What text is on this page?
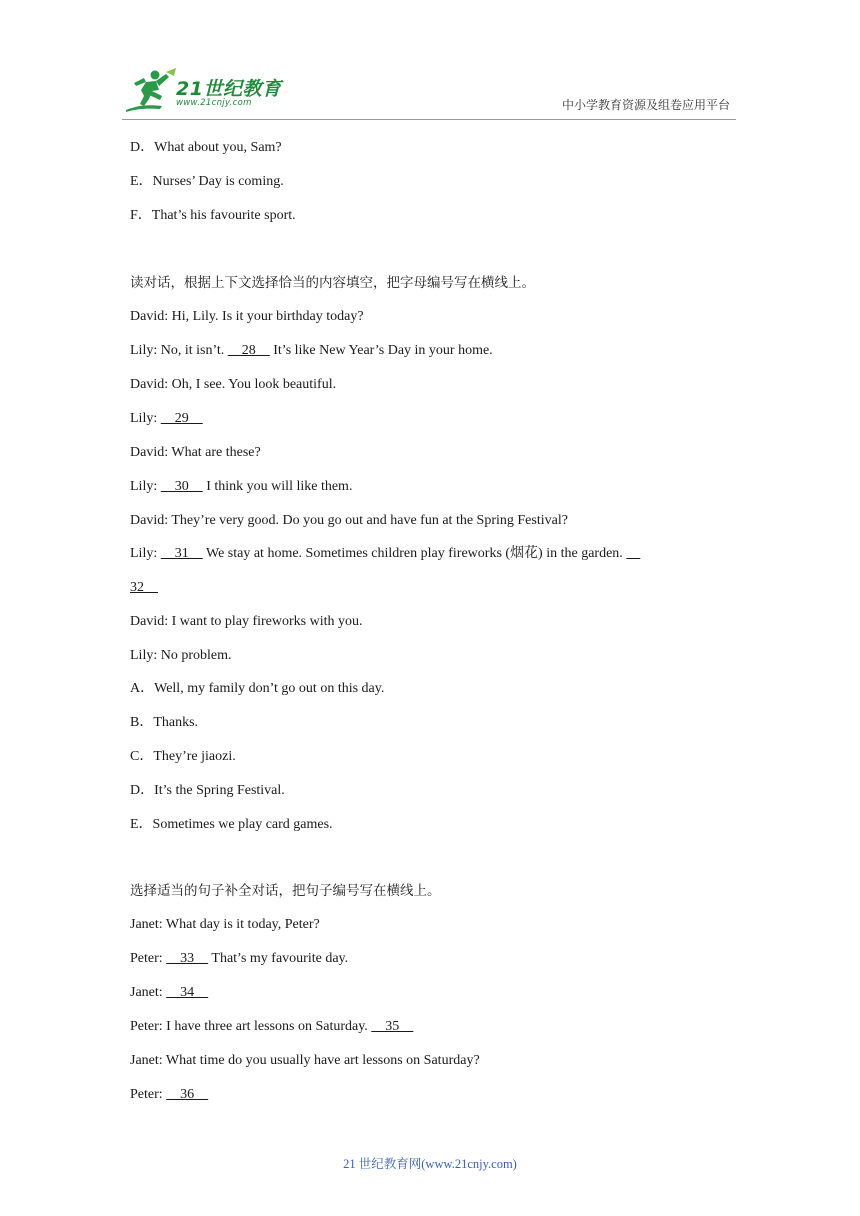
21世纪教育
www.21cnjy.com	中小学教育资源及组卷应用平台
D．What about you, Sam?
E．Nurses’ Day is coming.
F．That’s his favourite sport.
读对话，根据上下文选择恰当的内容填空，把字母编号写在横线上。
David: Hi, Lily. Is it your birthday today?
Lily: No, it isn’t.     28     It’s like New Year’s Day in your home.
David: Oh, I see. You look beautiful.
Lily:     29
David: What are these?
Lily:     30     I think you will like them.
David: They’re very good. Do you go out and have fun at the Spring Festival?
Lily:     31     We stay at home. Sometimes children play fireworks (烟花) in the garden.
32
David: I want to play fireworks with you.
Lily: No problem.
A．Well, my family don’t go out on this day.
B．Thanks.
C．They’re jiaozi.
D．It’s the Spring Festival.
E．Sometimes we play card games.
选择适当的句子补全对话，把句子编号写在横线上。
Janet: What day is it today, Peter?
Peter:     33     That’s my favourite day.
Janet:     34
Peter: I have three art lessons on Saturday.     35
Janet: What time do you usually have art lessons on Saturday?
Peter:     36
21 世纪教育网(www.21cnjy.com)
